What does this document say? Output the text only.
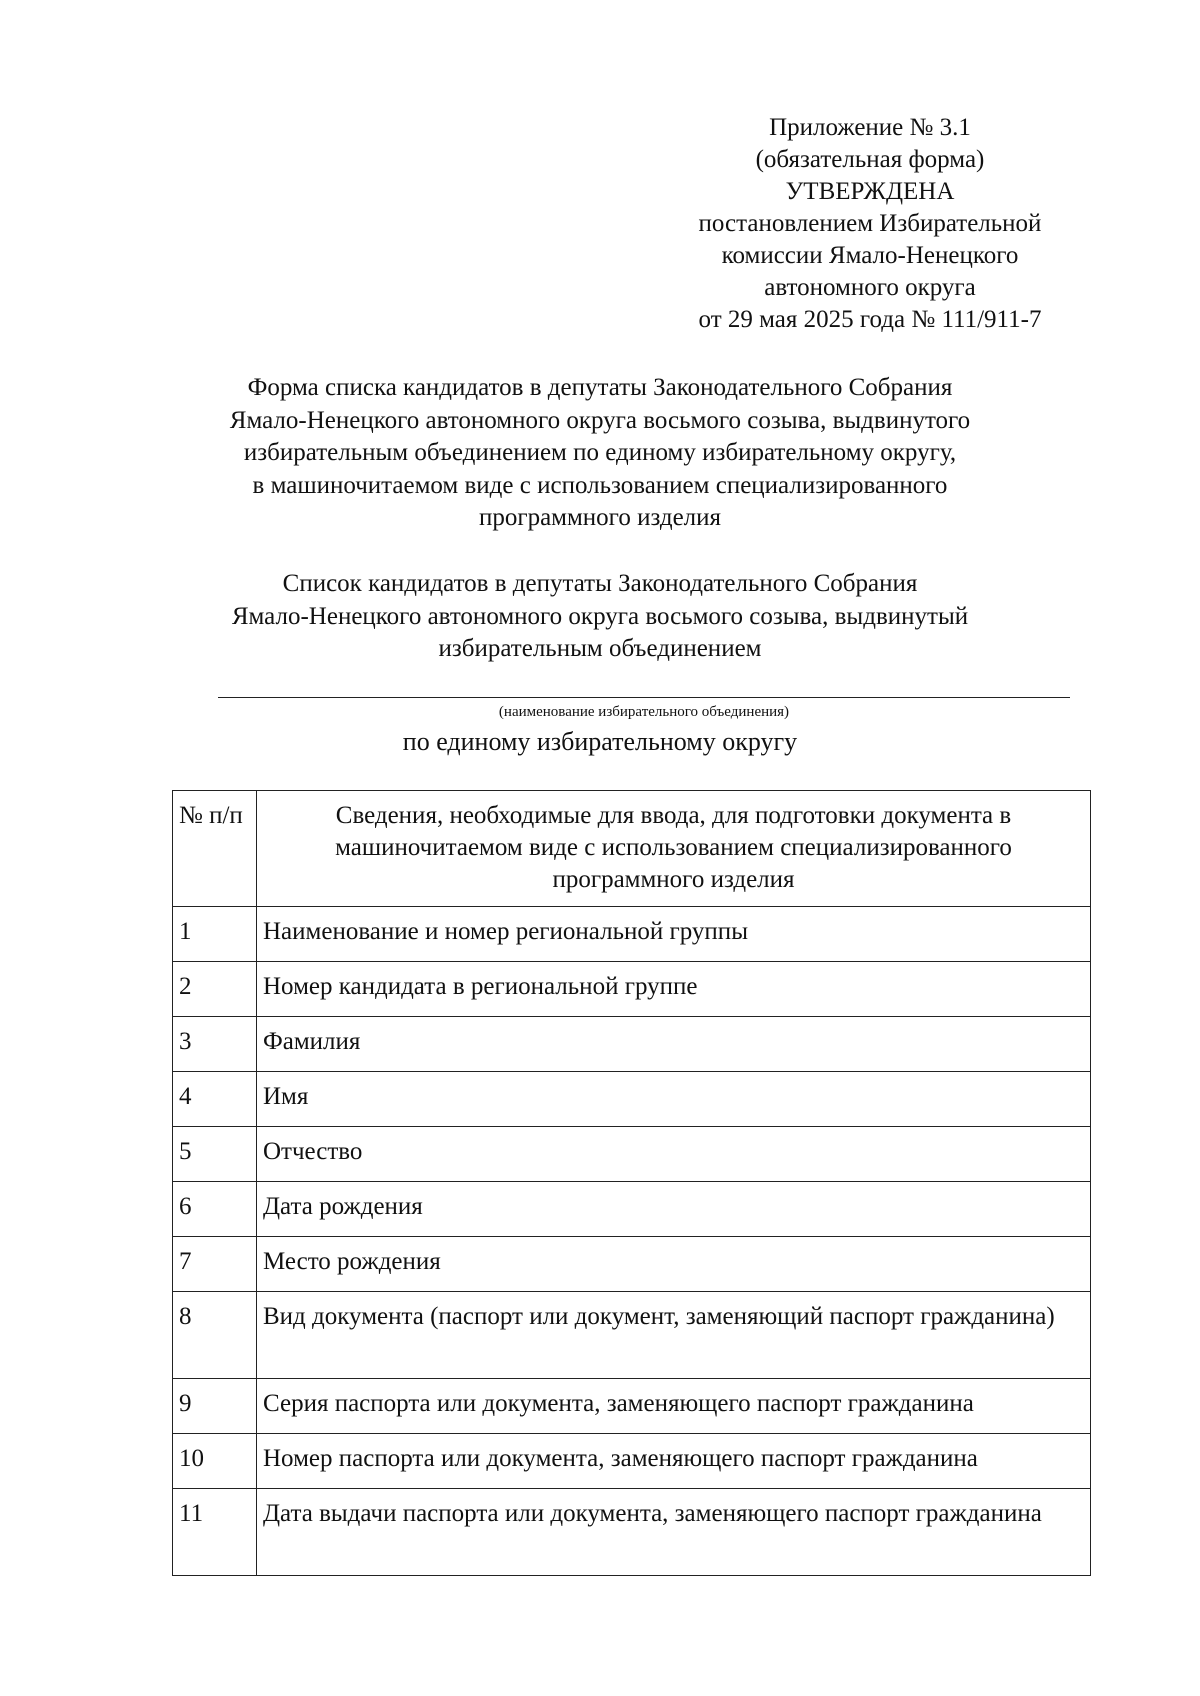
Приложение № 3.1
(обязательная форма)
УТВЕРЖДЕНА
постановлением Избирательной
комиссии Ямало-Ненецкого
автономного округа
от 29 мая 2025 года № 111/911-7
Форма списка кандидатов в депутаты Законодательного Собрания
Ямало-Ненецкого автономного округа восьмого созыва, выдвинутого
избирательным объединением по единому избирательному округу,
в машиночитаемом виде с использованием специализированного
программного изделия
Список кандидатов в депутаты Законодательного Собрания
Ямало-Ненецкого автономного округа восьмого созыва, выдвинутый
избирательным объединением
(наименование избирательного объединения)
по единому избирательному округу
№ п/п	Сведения, необходимые для ввода, для подготовки документа в машиночитаемом виде с использованием специализированного программного изделия
1	Наименование и номер региональной группы
2	Номер кандидата в региональной группе
3	Фамилия
4	Имя
5	Отчество
6	Дата рождения
7	Место рождения
8	Вид документа (паспорт или документ, заменяющий паспорт гражданина)
9	Серия паспорта или документа, заменяющего паспорт гражданина
10	Номер паспорта или документа, заменяющего паспорт гражданина
11	Дата выдачи паспорта или документа, заменяющего паспорт гражданина
